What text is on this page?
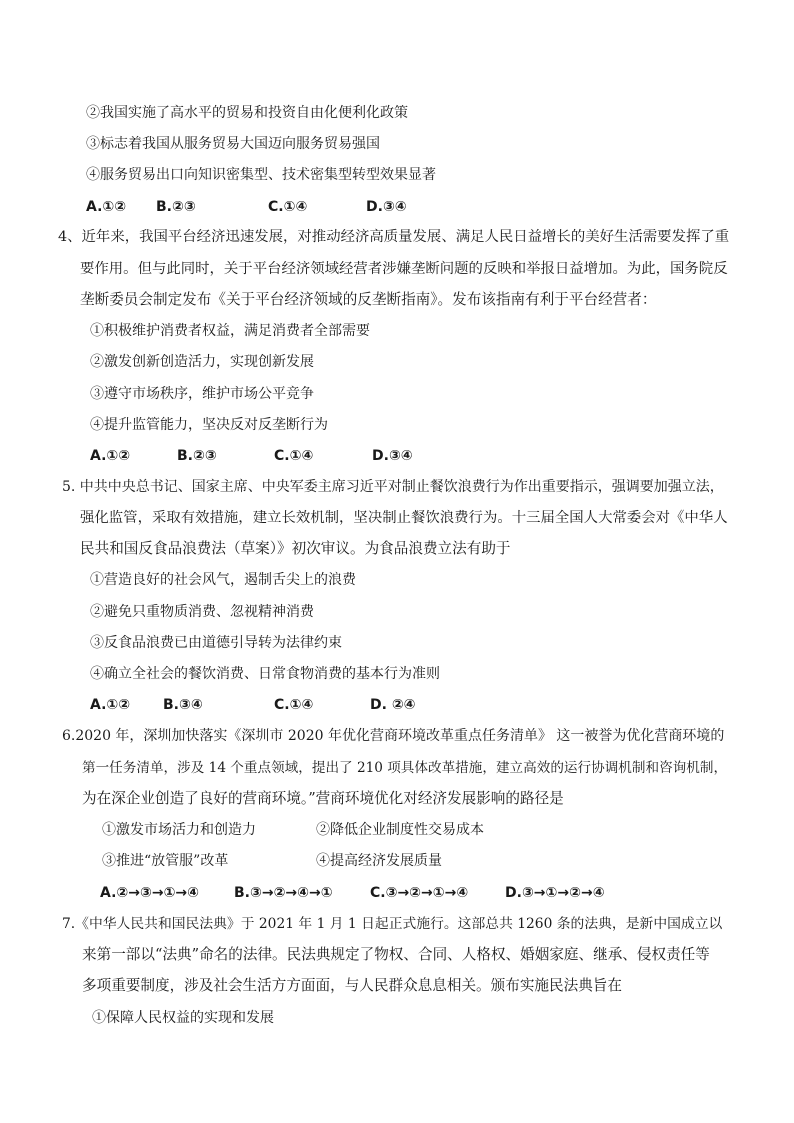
②我国实施了高水平的贸易和投资自由化便利化政策
③标志着我国从服务贸易大国迈向服务贸易强国
④服务贸易出口向知识密集型、技术密集型转型效果显著
A.①② B.②③	C.①④	D.③④
4、近年来，我国平台经济迅速发展，对推动经济高质量发展、满足人民日益增长的美好生活需要发挥了重
要作用。但与此同时，关于平台经济领域经营者涉嫌垄断问题的反映和举报日益增加。为此，国务院反
垄断委员会制定发布《关于平台经济领域的反垄断指南》。发布该指南有利于平台经营者：
①积极维护消费者权益，满足消费者全部需要
②激发创新创造活力，实现创新发展
③遵守市场秩序，维护市场公平竞争
④提升监管能力，坚决反对反垄断行为
A.①②	B.②③	C.①④	D.③④
5. 中共中央总书记、国家主席、中央军委主席习近平对制止餐饮浪费行为作出重要指示，强调要加强立法，
强化监管，采取有效措施，建立长效机制，坚决制止餐饮浪费行为。十三届全国人大常委会对《中华人
民共和国反食品浪费法（草案）》初次审议。为食品浪费立法有助于
①营造良好的社会风气，遏制舌尖上的浪费
②避免只重物质消费、忽视精神消费
③反食品浪费已由道德引导转为法律约束
④确立全社会的餐饮消费、日常食物消费的基本行为准则
A.①② B.③④	C.①④	D. ②④
6.2020 年，深圳加快落实《深圳市 2020 年优化营商环境改革重点任务清单》 这一被誉为优化营商环境的
第一任务清单，涉及 14 个重点领域，提出了 210 项具体改革措施，建立高效的运行协调机制和咨询机制，
为在深企业创造了良好的营商环境。”营商环境优化对经济发展影响的路径是
①激发市场活力和创造力	②降低企业制度性交易成本
③推进“放管服”改革	④提高经济发展质量
A.②→③→①→④ B.③→②→④→①	C.③→②→①→④	D.③→①→②→④
7.《中华人民共和国民法典》于 2021 年 1 月 1 日起正式施行。这部总共 1260 条的法典，是新中国成立以
来第一部以“法典”命名的法律。民法典规定了物权、合同、人格权、婚姻家庭、继承、侵权责任等
多项重要制度，涉及社会生活方方面面，与人民群众息息相关。颁布实施民法典旨在
①保障人民权益的实现和发展
